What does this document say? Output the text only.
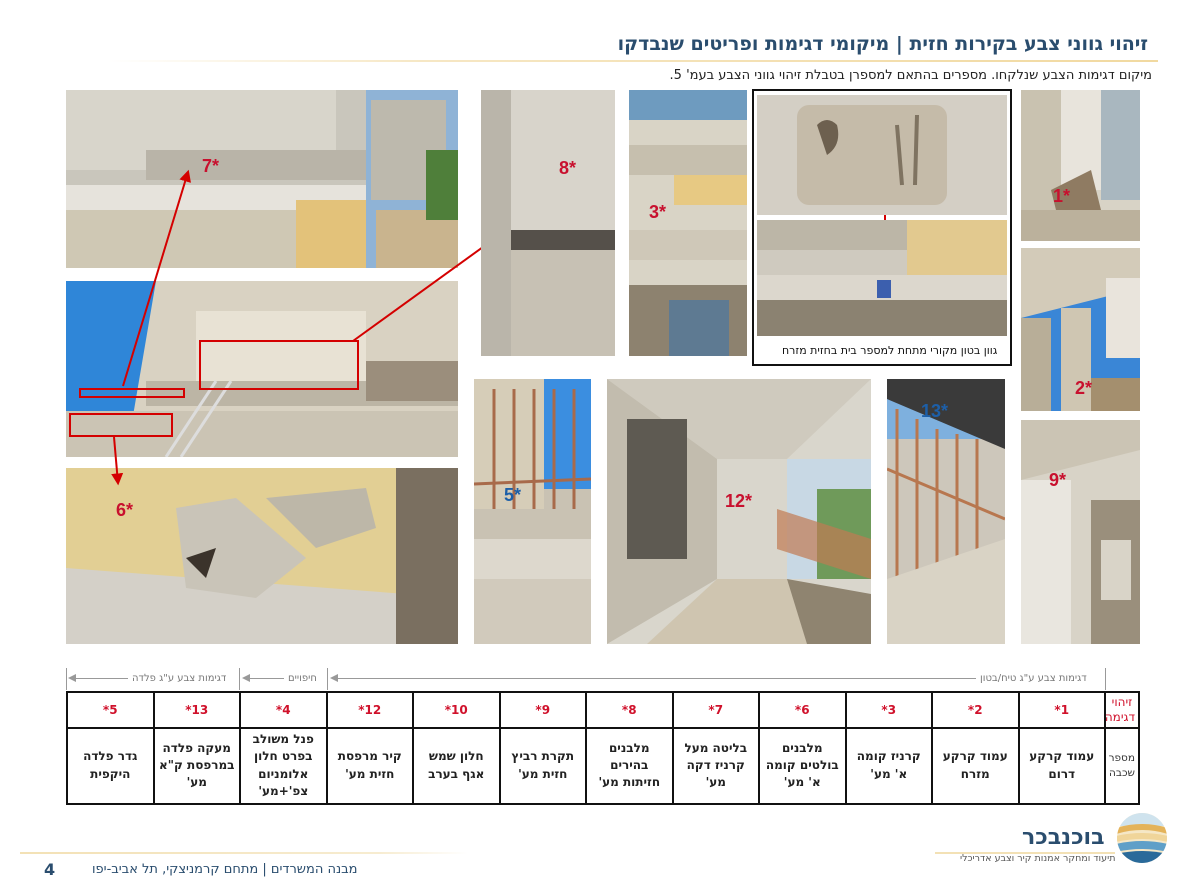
זיהוי גווני צבע בקירות חזית | מיקומי דגימות ופריטים שנבדקו
מיקום דגימות הצבע שנלקחו. מספרים בהתאם למספרן בטבלת זיהוי גווני הצבע בעמ' 5.
7*
6*
8*
3*
גוון בטון מקורי מתחת למספר בית בחזית מזרח
1*
2*
5*	12*
13*
9*
דגימות צבע ע"ג טיח/בטון
חיפויים
דגימות צבע ע"ג פלדה
זיהוי דגימה	1*	2*	3*	6*	7*	8*	9*	10*	12*	4*	13*	5*
מספר שכבה	עמוד קרקע דרום	עמוד קרקע מזרח	קרניז קומה א' מע'	מלבנים בולטים קומה א' מע'	בליטה מעל קרניז דקה מע'	מלבנים בהירים חזיתות מע'	תקרת רביץ חזית מע'	חלון שמש אגף בערב	קיר מרפסת חזית מע'	פנל משולב בפרט חלון אלומניום צפ'+מע'	מעקה פלדה במרפסת ק"א מע'	גדר פלדה היקפית
4	מבנה המשרדים | מתחם קרמניצקי, תל אביב-יפו
בוכנבכר
תיעוד ומחקר אמנות קיר וצבע אדריכלי
